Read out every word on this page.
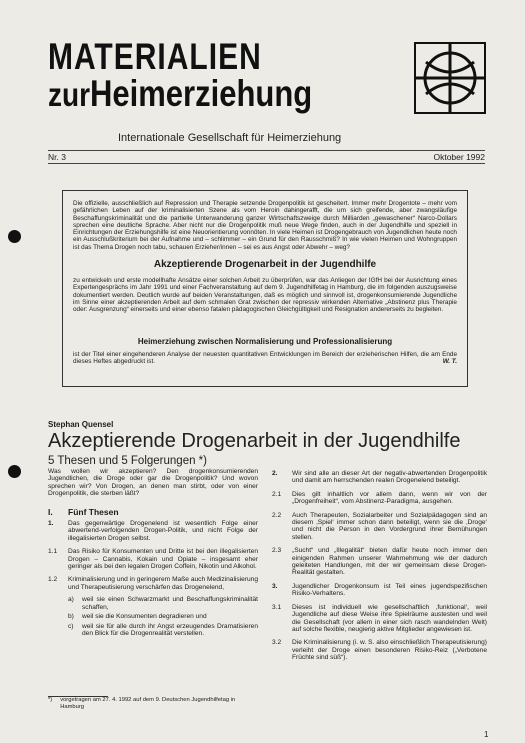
MATERIALIEN
zurHeimerziehung
Internationale Gesellschaft für Heimerziehung
Nr. 3	Oktober 1992

Die offizielle, ausschließlich auf Repression und Therapie setzende Drogenpolitik ist gescheitert. Immer mehr Drogentote – mehr vom gefährlichen Leben auf der kriminalisierten Szene als vom Heroin dahingerafft, die um sich greifende, aber zwangsläufige Beschaffungskriminalität und die partielle Unterwanderung ganzer Wirtschaftszweige durch Milliarden „gewaschener“ Narco-Dollars sprechen eine deutliche Sprache. Aber nicht nur die Drogenpolitik muß neue Wege finden, auch in der Jugendhilfe und speziell in Einrichtungen der Erziehungshilfe ist eine Neuorientierung vonnöten. In viele Heimen ist Drogengebrauch von Jugendlichen heute noch ein Ausschlußkriterium bei der Aufnahme und – schlimmer – ein Grund für den Rausschmiß? In wie vielen Heimen und Wohngruppen ist das Thema Drogen noch tabu, schauen Erzieher/innen – sei es aus Angst oder Abwehr – weg?

Akzeptierende Drogenarbeit in der Jugendhilfe

zu entwickeln und erste modellhafte Ansätze einer solchen Arbeit zu überprüfen, war das Anliegen der IGfH bei der Ausrichtung eines Expertengesprächs im Jahr 1991 und einer Fachveranstaltung auf dem 9. Jugendhilfetag in Hamburg, die im folgenden auszugsweise dokumentiert werden. Deutlich wurde auf beiden Veranstaltungen, daß es möglich und sinnvoll ist, drogenkonsumierende Jugendliche im Sinne einer akzeptierenden Arbeit auf dem schmalen Grat zwischen der repressiv wirkenden Alternative „Abstinenz plus Therapie oder: Ausgrenzung“ einerseits und einer ebenso fatalen pädagogischen Gleichgültigkeit und Resignation andererseits zu begleiten.

Heimerziehung zwischen Normalisierung und Professionalisierung

ist der Titel einer eingehenderen Analyse der neuesten quantitativen Entwicklungen im Bereich der erzieherischen Hilfen, die am Ende dieses Heftes abgedruckt ist.	W. T.

Stephan Quensel
Akzeptierende Drogenarbeit in der Jugendhilfe
5 Thesen und 5 Folgerungen *)

Was wollen wir akzeptieren? Den drogenkonsumierenden Jugendlichen, die Droge oder gar die Drogenpolitik? Und wovon sprechen wir? Von Drogen, an denen man stirbt, oder von einer Drogenpolitik, die sterben läßt?

I.	Fünf Thesen
1.	Das gegenwärtige Drogenelend ist wesentlich Folge einer abwertend-verfolgenden Drogen-Politik, und nicht Folge der illegalisierten Drogen selbst.
1.1	Das Risiko für Konsumenten und Dritte ist bei den illegalisierten Drogen – Cannabis, Kokain und Opiate – insgesamt eher geringer als bei den legalen Drogen Coffein, Nikotin und Alkohol.
1.2	Kriminalisierung und in geringerem Maße auch Medizinalisierung und Therapeutisierung verschärfen das Drogenelend,
a)	weil sie einen Schwarzmarkt und Beschaffungskriminalität schaffen,
b)	weil sie die Konsumenten degradieren und
c)	weil sie für alle durch ihr Angst erzeugendes Dramatisieren den Blick für die Drogenrealität verstellen.
2.	Wir sind alle an dieser Art der negativ-abwertenden Drogenpolitik und damit am herrschenden realen Drogenelend beteiligt.
2.1	Dies gilt inhaltlich vor allem dann, wenn wir von der „Drogenfreiheit“, vom Abstinenz-Paradigma, ausgehen.
2.2	Auch Therapeuten, Sozialarbeiter und Sozialpädagogen sind an diesem ‚Spiel‘ immer schon dann beteiligt, wenn sie die ‚Droge‘ und nicht die Person in den Vordergrund ihrer Bemühungen stellen.
2.3	„Sucht“ und „Illegalität“ bieten dafür heute noch immer den einigenden Rahmen unserer Wahrnehmung wie der dadurch geleiteten Handlungen, mit der wir gemeinsam diese Drogen-Realität gestalten.
3.	Jugendlicher Drogenkonsum ist Teil eines jugendspezifischen Risiko-Verhaltens.
3.1	Dieses ist individuell wie gesellschaftlich ‚funktional‘, weil Jugendliche auf diese Weise ihre Spielräume austesten und weil die Gesellschaft (vor allem in einer sich rasch wandelnden Welt) auf solche flexible, neugierig aktive Mitglieder angewiesen ist.
3.2	Die Kriminalisierung (i. w. S. also einschließlich Therapeutisierung) verleiht der Droge einen besonderen Risiko-Reiz („Verbotene Früchte sind süß“).
*) vorgetragen am 27. 4. 1992 auf dem 9. Deutschen Jugendhilfetag in Hamburg
1
